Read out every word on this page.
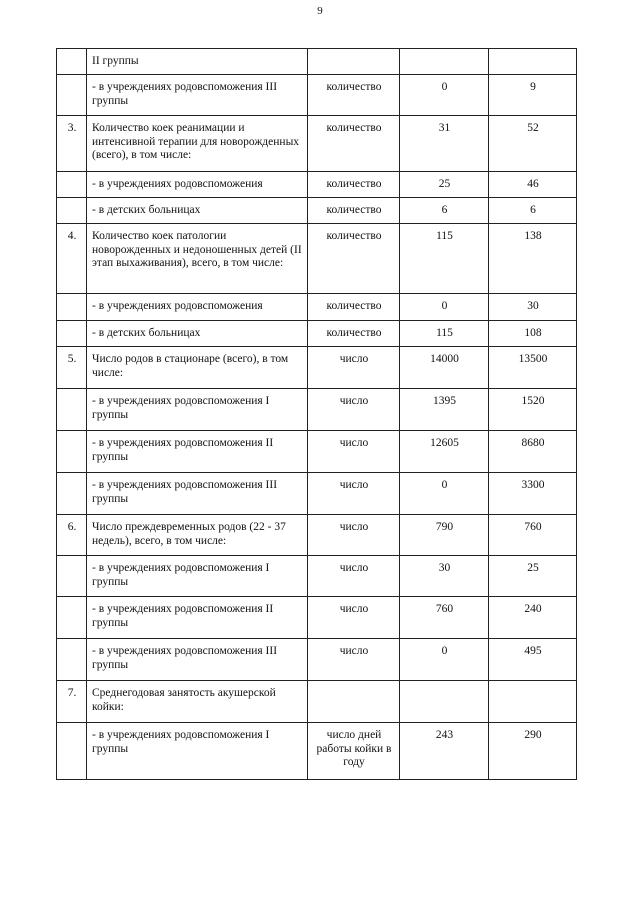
9
	II группы			
	- в учреждениях родовспоможения III группы	количество	0	9
3.	Количество коек реанимации и интенсивной терапии для новорожденных (всего), в том числе:	количество	31	52
	- в учреждениях родовспоможения	количество	25	46
	- в детских больницах	количество	6	6
4.	Количество коек патологии новорожденных и недоношенных детей (II этап выхаживания), всего, в том числе:	количество	115	138
	- в учреждениях родовспоможения	количество	0	30
	- в детских больницах	количество	115	108
5.	Число родов в стационаре (всего), в том числе:	число	14000	13500
	- в учреждениях родовспоможения I группы	число	1395	1520
	- в учреждениях родовспоможения II группы	число	12605	8680
	- в учреждениях родовспоможения III группы	число	0	3300
6.	Число преждевременных родов (22 - 37 недель), всего, в том числе:	число	790	760
	- в учреждениях родовспоможения I группы	число	30	25
	- в учреждениях родовспоможения II группы	число	760	240
	- в учреждениях родовспоможения III группы	число	0	495
7.	Среднегодовая занятость акушерской койки:			
	- в учреждениях родовспоможения I группы	число дней работы койки в году	243	290
